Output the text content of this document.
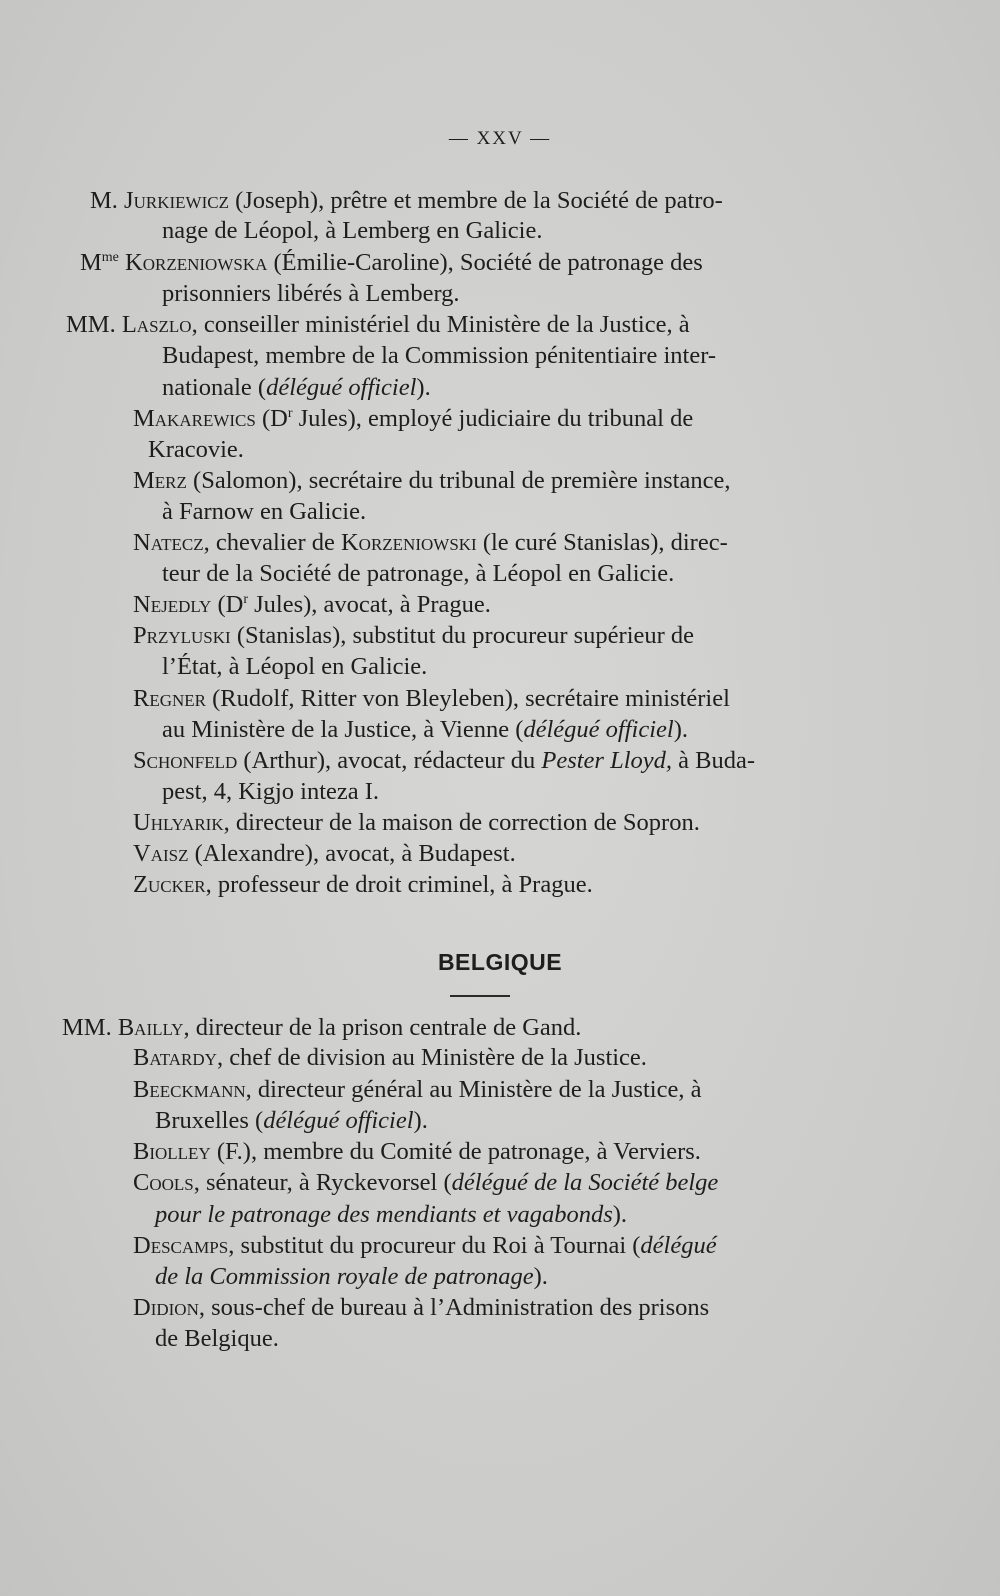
— XXV —
M. Jurkiewicz (Joseph), prêtre et membre de la Société de patro-
nage de Léopol, à Lemberg en Galicie.
$M^{me}$ Korzeniowska (Émilie-Caroline), Société de patronage des
prisonniers libérés à Lemberg.
MM. Laszlo, conseiller ministériel du Ministère de la Justice, à
Budapest, membre de la Commission pénitentiaire inter-
nationale (délégué officiel).
Makarewics ($D^r$ Jules), employé judiciaire du tribunal de
Kracovie.
Merz (Salomon), secrétaire du tribunal de première instance,
à Farnow en Galicie.
Natecz, chevalier de Korzeniowski (le curé Stanislas), direc-
teur de la Société de patronage, à Léopol en Galicie.
Nejedly ($D^r$ Jules), avocat, à Prague.
Przyluski (Stanislas), substitut du procureur supérieur de
l’État, à Léopol en Galicie.
Regner (Rudolf, Ritter von Bleyleben), secrétaire ministériel
au Ministère de la Justice, à Vienne (délégué officiel).
Schonfeld (Arthur), avocat, rédacteur du Pester Lloyd, à Buda-
pest, 4, Kigjo inteza I.
Uhlyarik, directeur de la maison de correction de Sopron.
Vaisz (Alexandre), avocat, à Budapest.
Zucker, professeur de droit criminel, à Prague.
BELGIQUE
MM. Bailly, directeur de la prison centrale de Gand.
Batardy, chef de division au Ministère de la Justice.
Beeckmann, directeur général au Ministère de la Justice, à
Bruxelles (délégué officiel).
Biolley (F.), membre du Comité de patronage, à Verviers.
Cools, sénateur, à Ryckevorsel (délégué de la Société belge
pour le patronage des mendiants et vagabonds).
Descamps, substitut du procureur du Roi à Tournai (délégué
de la Commission royale de patronage).
Didion, sous-chef de bureau à l’Administration des prisons
de Belgique.
